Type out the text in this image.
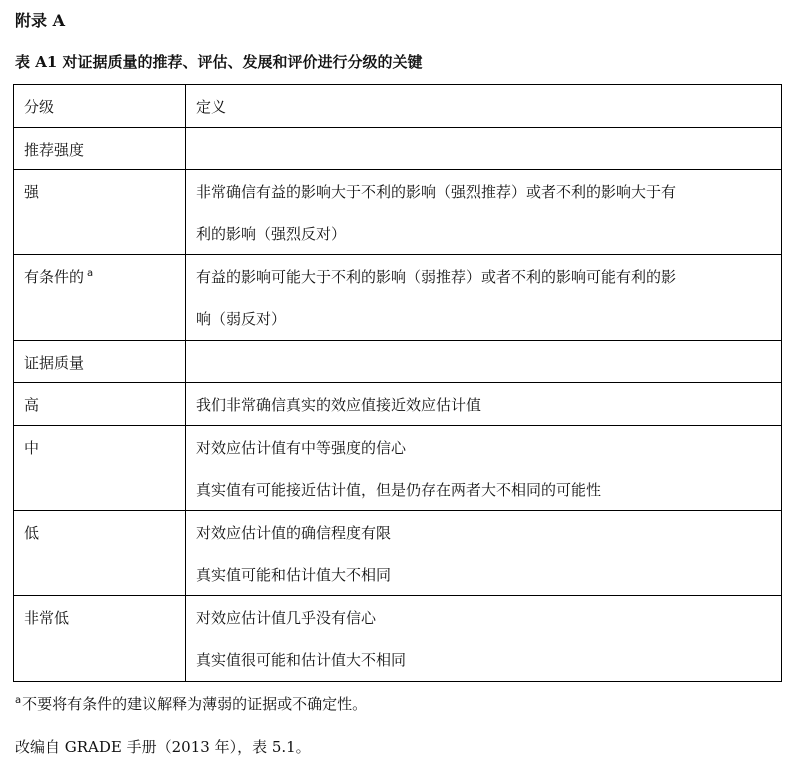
附录 A
表 A1 对证据质量的推荐、评估、发展和评价进行分级的关键
分级	定义
推荐强度	
强	非常确信有益的影响大于不利的影响（强烈推荐）或者不利的影响大于有
利的影响（强烈反对）

有条件的 $^a$	有益的影响可能大于不利的影响（弱推荐）或者不利的影响可能有利的影
响（弱反对）

证据质量	
高	我们非常确信真实的效应值接近效应估计值

中	对效应估计值有中等强度的信心
真实值有可能接近估计值，但是仍存在两者大不相同的可能性

低	对效应估计值的确信程度有限
真实值可能和估计值大不相同

非常低	对效应估计值几乎没有信心
真实值很可能和估计值大不相同
$^a$不要将有条件的建议解释为薄弱的证据或不确定性。
改编自 GRADE 手册（2013 年），表 5.1。
